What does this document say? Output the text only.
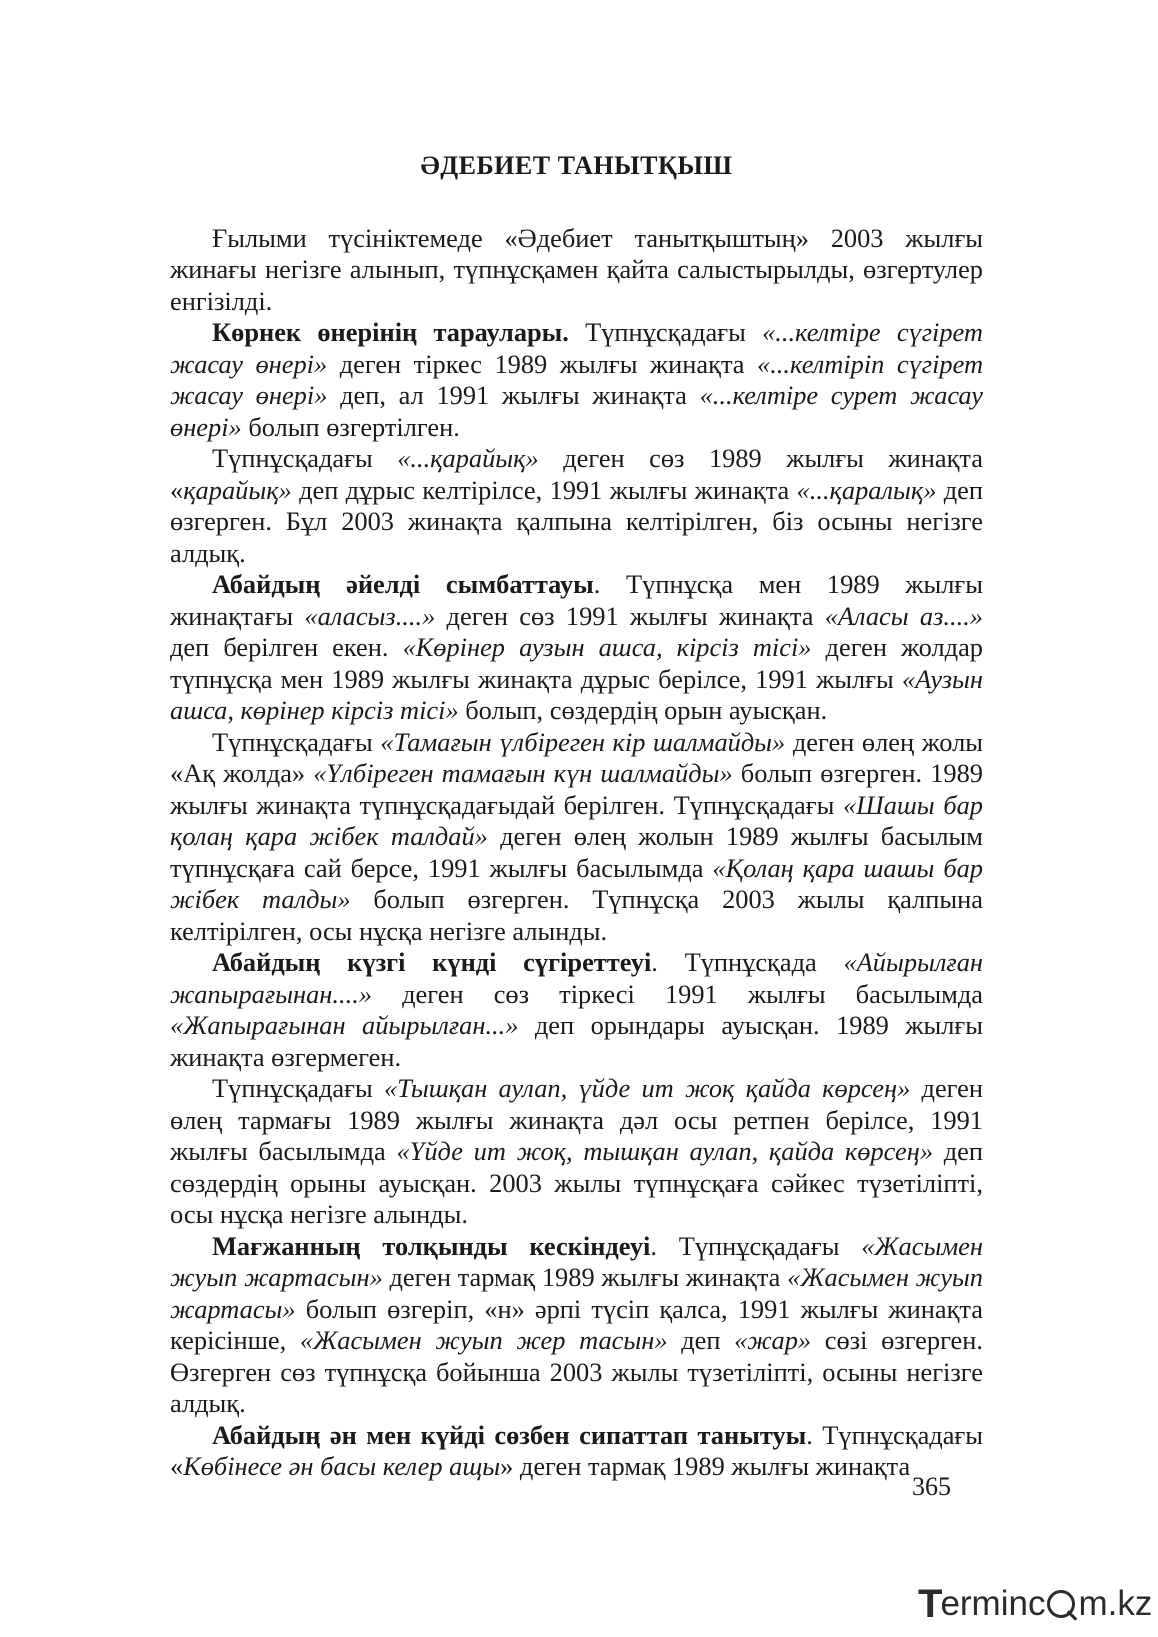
ӘДЕБИЕТ ТАНЫТҚЫШ

Ғылыми түсініктемеде «Әдебиет танытқыштың» 2003 жылғы жинағы негізге алынып, түпнұсқамен қайта салыстырылды, өзгертулер енгізілді.

Көрнек өнерінің тараулары. Түпнұсқадағы «...келтіре сүгірет жасау өнері» деген тіркес 1989 жылғы жинақта «...келтіріп сүгірет жасау өнері» деп, ал 1991 жылғы жинақта «...келтіре сурет жасау өнері» болып өзгертілген.

Түпнұсқадағы «...қарайық» деген сөз 1989 жылғы жинақта «қарайық» деп дұрыс келтірілсе, 1991 жылғы жинақта «...қаралық» деп өзгерген. Бұл 2003 жинақта қалпына келтірілген, біз осыны негізге алдық.

Абайдың әйелді сымбаттауы. Түпнұсқа мен 1989 жылғы жинақтағы «аласыз....» деген сөз 1991 жылғы жинақта «Аласы аз....» деп берілген екен. «Көрінер аузын ашса, кірсіз тісі» деген жолдар түпнұсқа мен 1989 жылғы жинақта дұрыс берілсе, 1991 жылғы «Аузын ашса, көрінер кірсіз тісі» болып, сөздердің орын ауысқан.

Түпнұсқадағы «Тамағын үлбіреген кір шалмайды» деген өлең жолы «Ақ жолда» «Үлбіреген тамағын күн шалмайды» болып өзгерген. 1989 жылғы жинақта түпнұсқадағыдай берілген. Түпнұсқадағы «Шашы бар қолаң қара жібек талдай» деген өлең жолын 1989 жылғы басылым түпнұсқаға сай берсе, 1991 жылғы басылымда «Қолаң қара шашы бар жібек талды» болып өзгерген. Түпнұсқа 2003 жылы қалпына келтірілген, осы нұсқа негізге алынды.

Абайдың күзгі күнді сүгіреттеуі. Түпнұсқада «Айырылған жапырағынан....» деген сөз тіркесі 1991 жылғы басылымда «Жапырағынан айырылған...» деп орындары ауысқан. 1989 жылғы жинақта өзгермеген.

Түпнұсқадағы «Тышқан аулап, үйде ит жоқ қайда көрсең» деген өлең тармағы 1989 жылғы жинақта дәл осы ретпен берілсе, 1991 жылғы басылымда «Үйде ит жоқ, тышқан аулап, қайда көрсең» деп сөздердің орыны ауысқан. 2003 жылы түпнұсқаға сәйкес түзетіліпті, осы нұсқа негізге алынды.

Мағжанның толқынды кескіндеуі. Түпнұсқадағы «Жасымен жуып жартасын» деген тармақ 1989 жылғы жинақта «Жасымен жуып жартасы» болып өзгеріп, «н» әрпі түсіп қалса, 1991 жылғы жинақта керісінше, «Жасымен жуып жер тасын» деп «жар» сөзі өзгерген. Өзгерген сөз түпнұсқа бойынша 2003 жылы түзетіліпті, осыны негізге алдық.

Абайдың ән мен күйді сөзбен сипаттап танытуы. Түпнұсқадағы «Көбінесе ән басы келер ащы» деген тармақ 1989 жылғы жинақта

365
T
erminc m.kz
